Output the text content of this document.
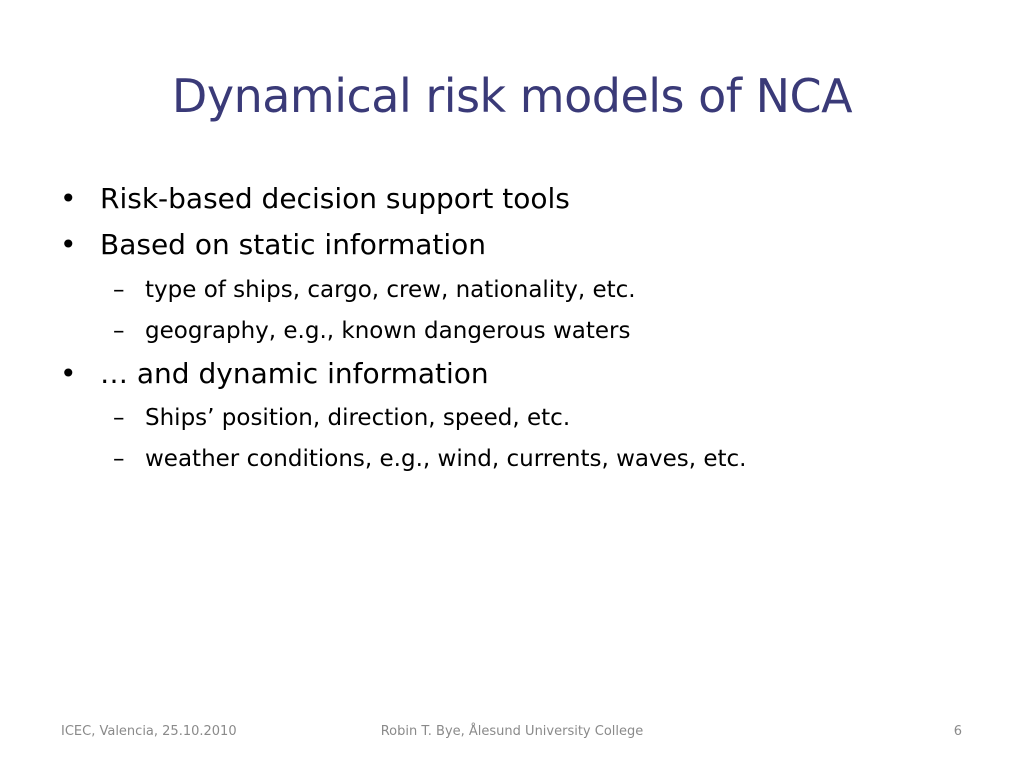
Dynamical risk models of NCA
• Risk-based decision support tools
• Based on static information
– type of ships, cargo, crew, nationality, etc.
– geography, e.g., known dangerous waters
• … and dynamic information
– Ships’ position, direction, speed, etc.
– weather conditions, e.g., wind, currents, waves, etc.
ICEC, Valencia, 25.10.2010	Robin T. Bye, Ålesund University College	6
